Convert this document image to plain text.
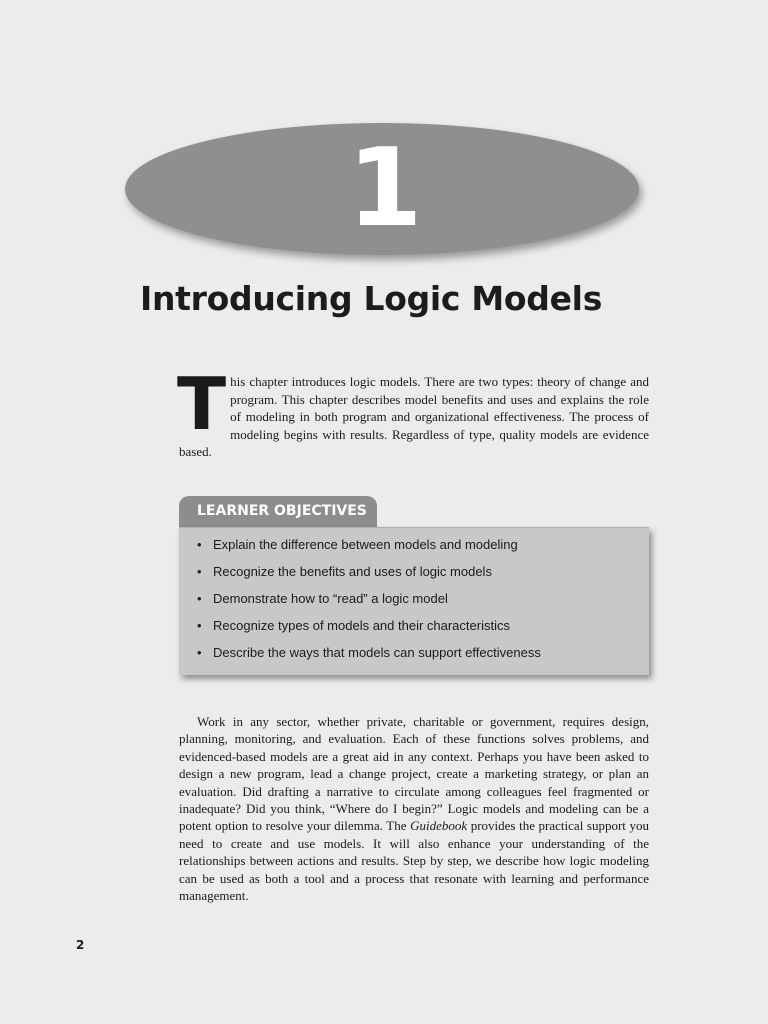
1
Introducing Logic Models

This chapter introduces logic models. There are two types: theory of change and program. This chapter describes model benefits and uses and explains the role of modeling in both program and organizational effectiveness. The process of modeling begins with results. Regardless of type, quality models are evidence based.

LEARNER OBJECTIVES
• Explain the difference between models and modeling
• Recognize the benefits and uses of logic models
• Demonstrate how to “read” a logic model
• Recognize types of models and their characteristics
• Describe the ways that models can support effectiveness

Work in any sector, whether private, charitable or government, requires design, planning, monitoring, and evaluation. Each of these functions solves problems, and evidenced-based models are a great aid in any context. Perhaps you have been asked to design a new program, lead a change project, create a marketing strategy, or plan an evaluation. Did drafting a narrative to circulate among colleagues feel fragmented or inadequate? Did you think, “Where do I begin?” Logic models and modeling can be a potent option to resolve your dilemma. The Guidebook provides the practical support you need to create and use models. It will also enhance your understanding of the relationships between actions and results. Step by step, we describe how logic modeling can be used as both a tool and a process that resonate with learning and performance management.

2
